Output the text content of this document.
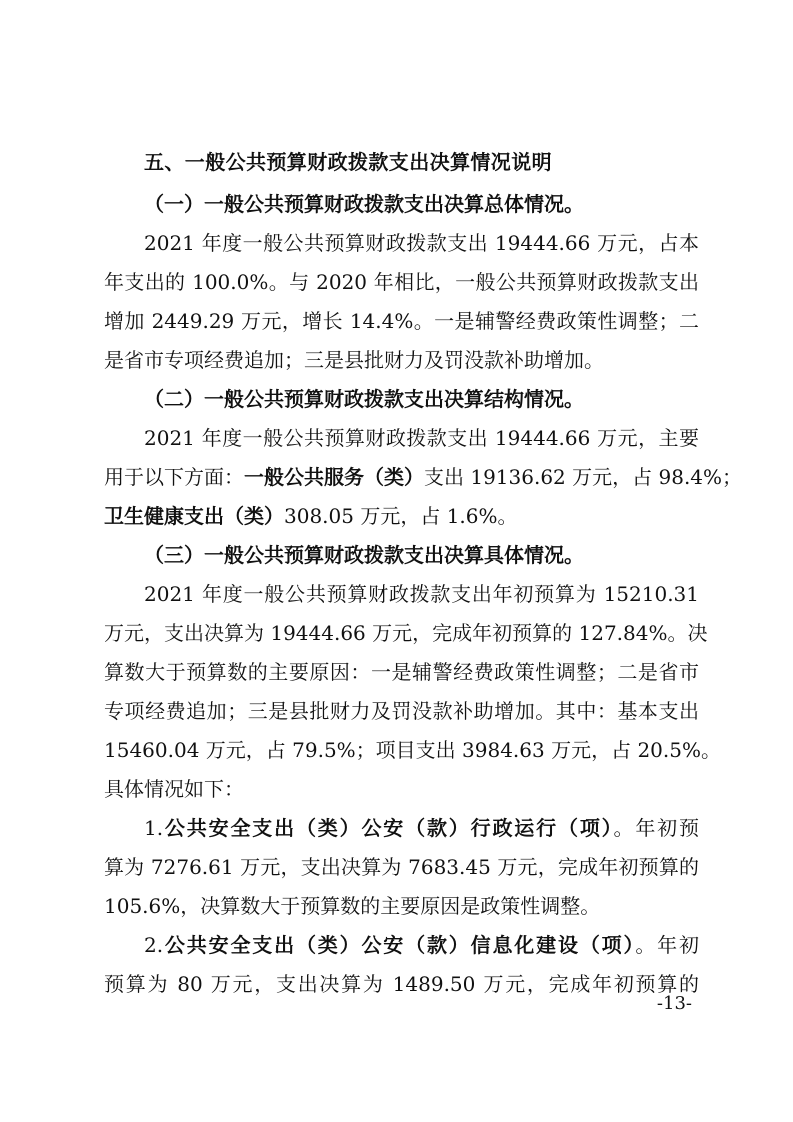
五、一般公共预算财政拨款支出决算情况说明
（一）一般公共预算财政拨款支出决算总体情况。
2021 年度一般公共预算财政拨款支出 19444.66 万元，占本
年支出的 100.0%。与 2020 年相比，一般公共预算财政拨款支出
增加 2449.29 万元，增长 14.4%。一是辅警经费政策性调整；二
是省市专项经费追加；三是县批财力及罚没款补助增加。
（二）一般公共预算财政拨款支出决算结构情况。
2021 年度一般公共预算财政拨款支出 19444.66 万元，主要
用于以下方面：一般公共服务（类）支出 19136.62 万元，占 98.4%；
卫生健康支出（类）308.05 万元，占 1.6%。
（三）一般公共预算财政拨款支出决算具体情况。
2021 年度一般公共预算财政拨款支出年初预算为 15210.31
万元，支出决算为 19444.66 万元，完成年初预算的 127.84%。决
算数大于预算数的主要原因：一是辅警经费政策性调整；二是省市
专项经费追加；三是县批财力及罚没款补助增加。其中：基本支出
15460.04 万元，占 79.5%；项目支出 3984.63 万元，占 20.5%。
具体情况如下：
1.公共安全支出（类）公安（款）行政运行（项）。年初预
算为 7276.61 万元，支出决算为 7683.45 万元，完成年初预算的
105.6%，决算数大于预算数的主要原因是政策性调整。
2.公共安全支出（类）公安（款）信息化建设（项）。年初
预算为 80 万元，支出决算为 1489.50 万元，完成年初预算的
-13-
